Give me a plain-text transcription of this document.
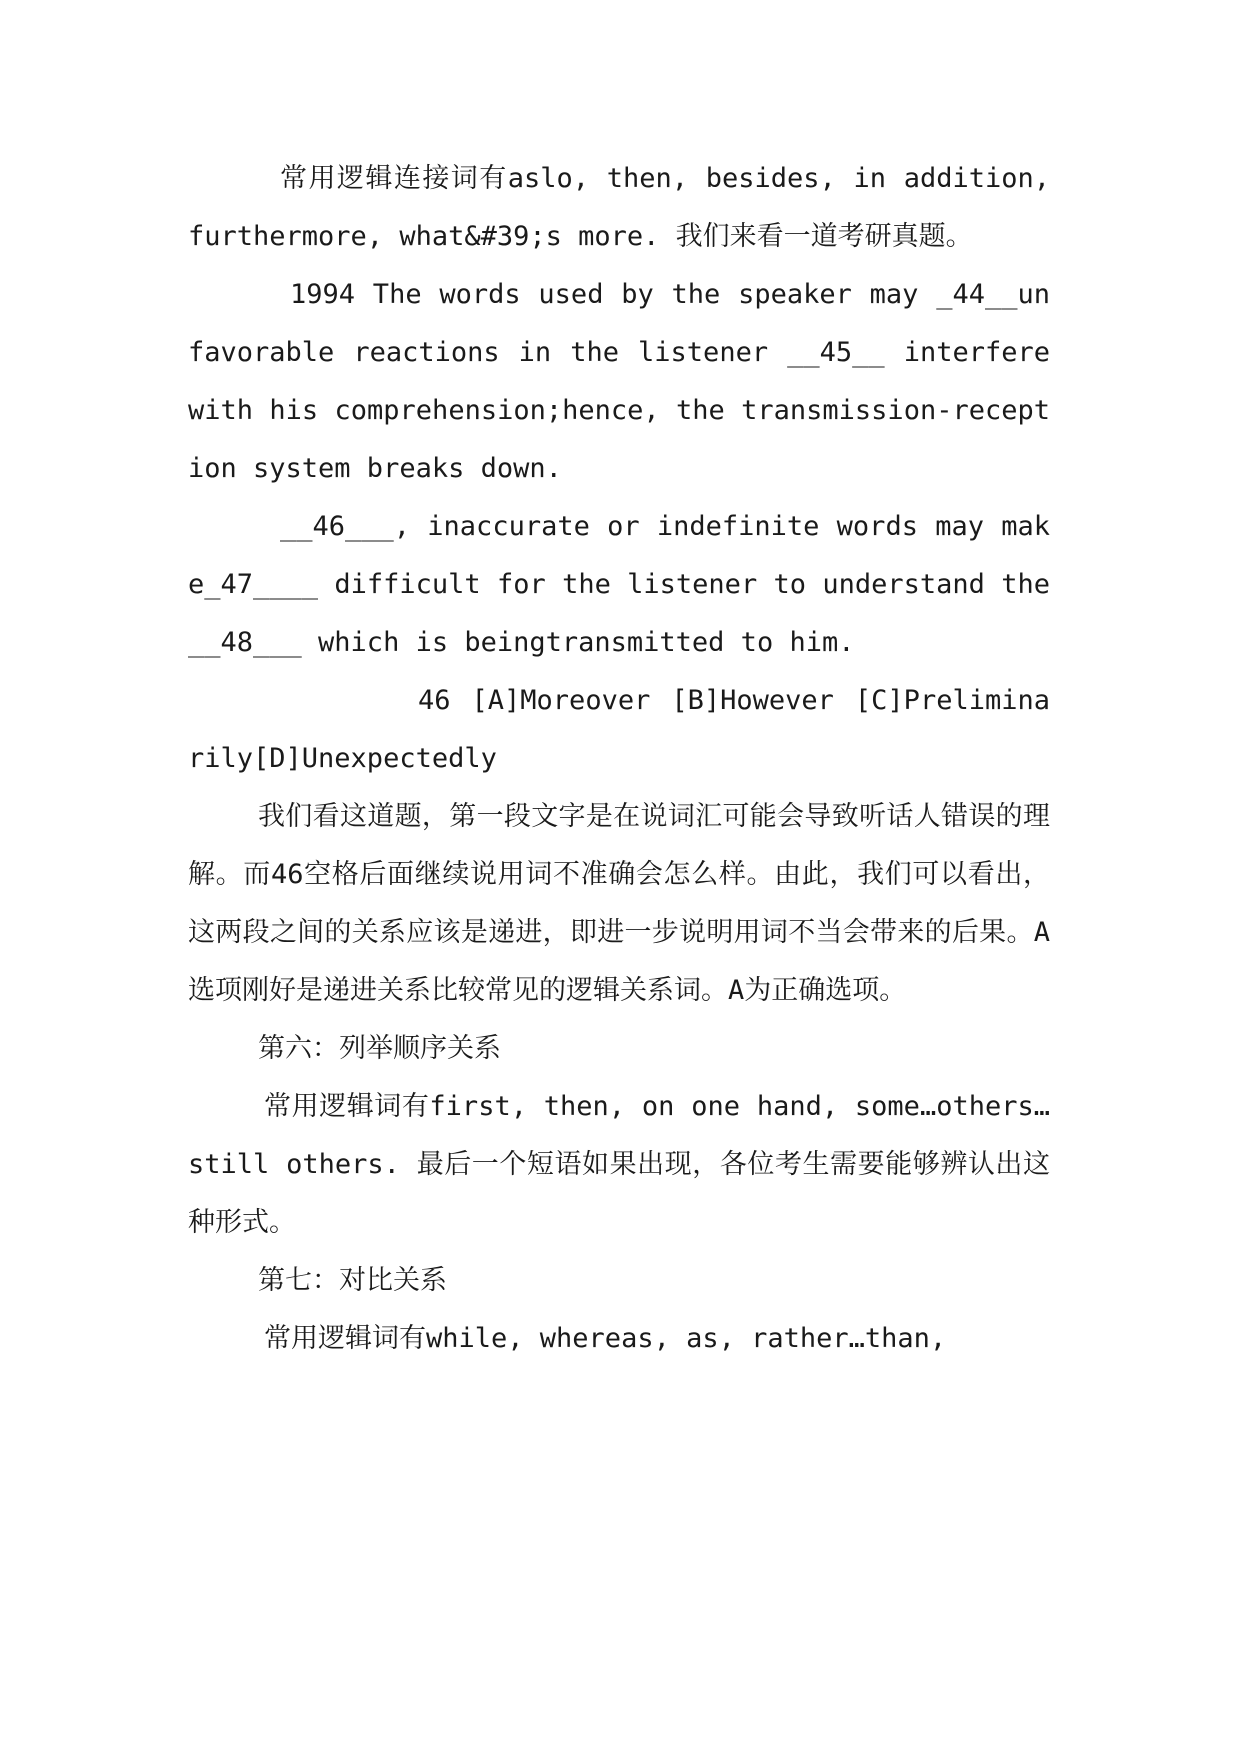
常用逻辑连接词有aslo, then, besides, in addition, furthermore, what&#39;s more. 我们来看一道考研真题。

1994 The words used by the speaker may _44__unfavorable reactions in the listener __45__ interfere with his comprehension;hence, the transmission-reception system breaks down.

__46___, inaccurate or indefinite words may make_47____ difficult for the listener to understand the __48___ which is beingtransmitted to him.

46 [A]Moreover [B]However [C]Preliminarily[D]Unexpectedly

我们看这道题，第一段文字是在说词汇可能会导致听话人错误的理解。而46空格后面继续说用词不准确会怎么样。由此，我们可以看出，这两段之间的关系应该是递进，即进一步说明用词不当会带来的后果。A选项刚好是递进关系比较常见的逻辑关系词。A为正确选项。

第六：列举顺序关系

常用逻辑词有first, then, on one hand, some…others…still others. 最后一个短语如果出现，各位考生需要能够辨认出这种形式。

第七：对比关系

常用逻辑词有while, whereas, as, rather…than,
